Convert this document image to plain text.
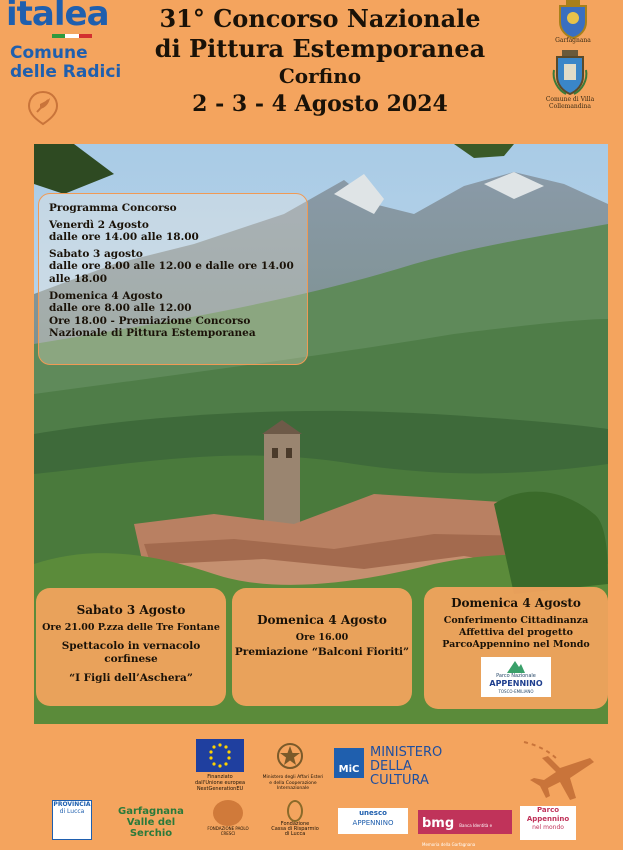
italea
Comune
delle Radici
31° Concorso Nazionale
di Pittura Estemporanea
Corfino
2 - 3 - 4 Agosto 2024
Garfagnana
Comune di Villa Collemandina

Programma Concorso

Venerdì 2 Agosto
dalle ore 14.00 alle 18.00

Sabato 3 agosto
dalle ore 8.00 alle 12.00 e dalle ore 14.00
alle 18.00

Domenica 4 Agosto
dalle ore 8.00 alle 12.00
Ore 18.00 - Premiazione Concorso
Nazionale di Pittura Estemporanea

Sabato 3 Agosto
Ore 21.00 P.zza delle Tre Fontane
Spettacolo in vernacolo
corfinese
“I Figli dell’Aschera”
Domenica 4 Agosto
Ore 16.00
Premiazione “Balconi Fioriti”
Domenica 4 Agosto
Conferimento Cittadinanza
Affettiva del progetto
ParcoAppennino nel Mondo
Parco Nazionale
APPENNINO
TOSCO-EMILIANO
Finanziato
dall'Unione europea
NextGenerationEU
Ministero degli Affari Esteri
e della Cooperazione Internazionale
MiC
MINISTERO
DELLA
CULTURA
PROVINCIA
di Lucca	Garfagnana
Valle del Serchio	FONDAZIONE PAOLO CRESCI
Fondazione
Cassa di Risparmio
di Lucca
unesco
APPENNINO	bmg Banca Identità e Memoria della Garfagnana
Parco
Appennino
nel mondo
